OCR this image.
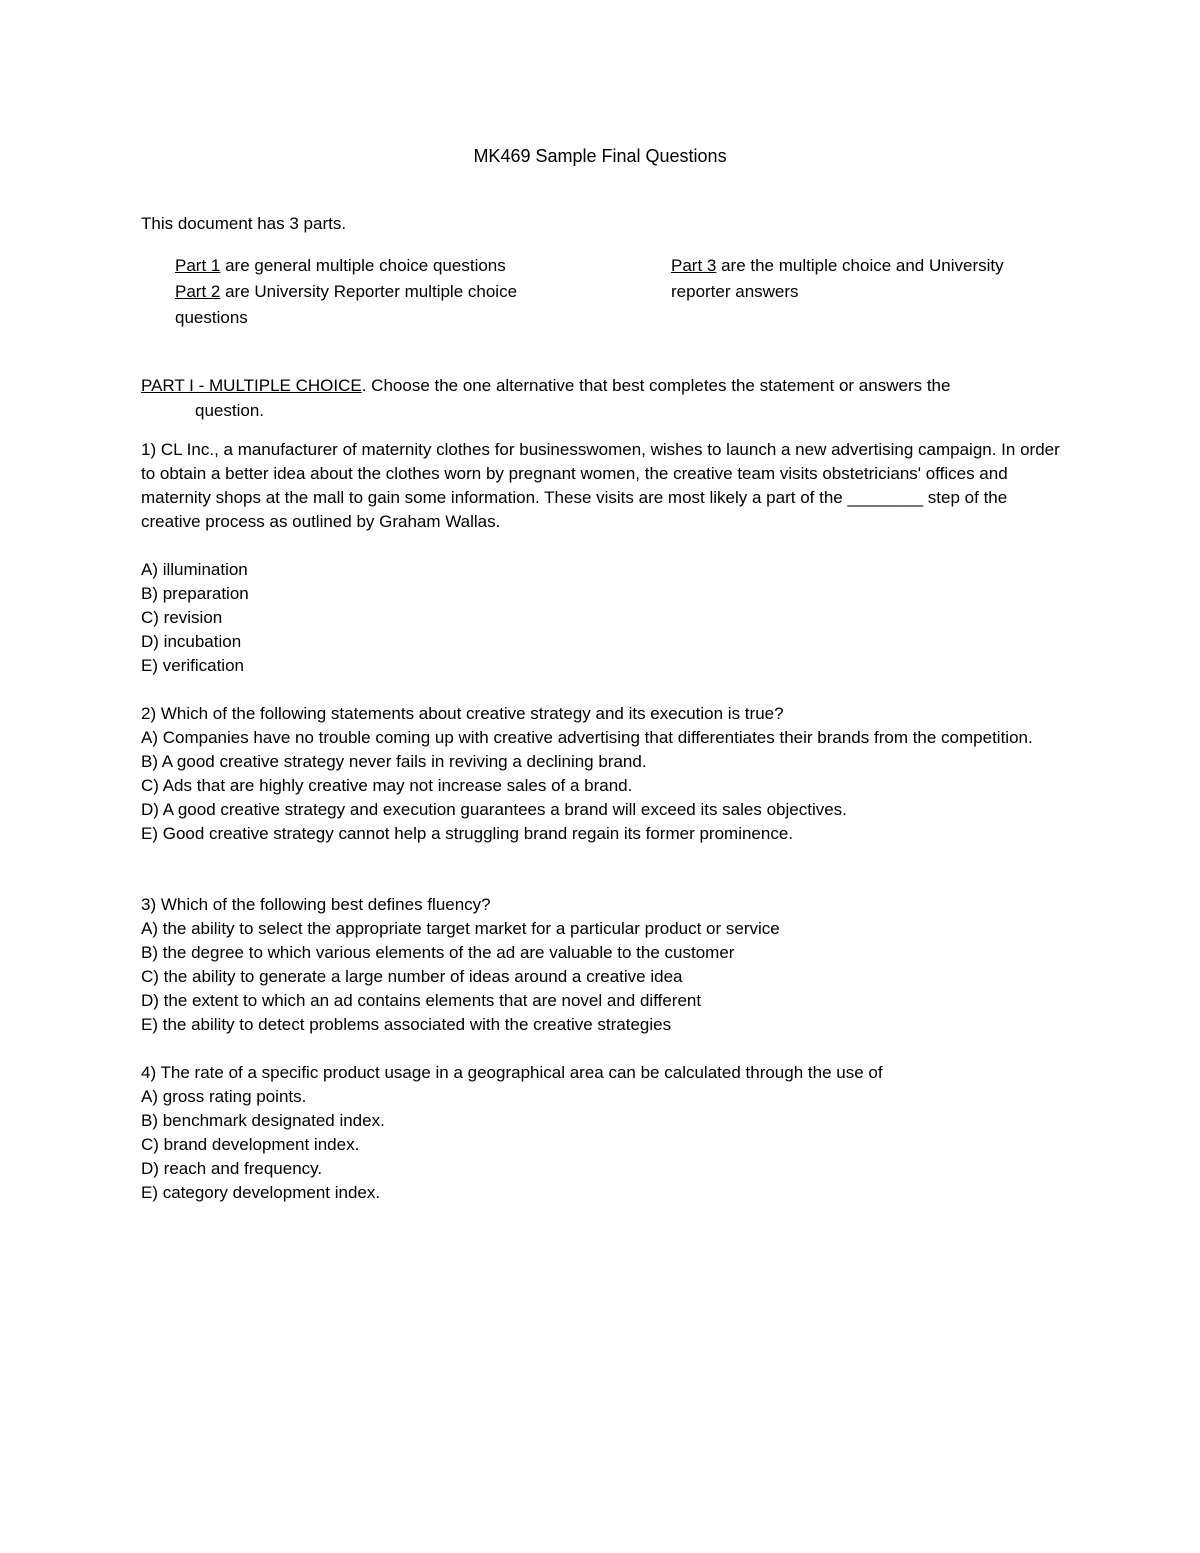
MK469 Sample Final Questions
This document has 3 parts.
Part 1 are general multiple choice questions
Part 2 are University Reporter multiple choice questions
Part 3 are the multiple choice and University reporter answers
PART I - MULTIPLE CHOICE. Choose the one alternative that best completes the statement or answers the
question.

1) CL Inc., a manufacturer of maternity clothes for businesswomen, wishes to launch a new advertising campaign. In order to obtain a better idea about the clothes worn by pregnant women, the creative team visits obstetricians' offices and maternity shops at the mall to gain some information. These visits are most likely a part of the ________ step of the creative process as outlined by Graham Wallas.

A) illumination
B) preparation
C) revision
D) incubation
E) verification

2) Which of the following statements about creative strategy and its execution is true?

A) Companies have no trouble coming up with creative advertising that differentiates their brands from the competition.
B) A good creative strategy never fails in reviving a declining brand.
C) Ads that are highly creative may not increase sales of a brand.
D) A good creative strategy and execution guarantees a brand will exceed its sales objectives.
E) Good creative strategy cannot help a struggling brand regain its former prominence.

3) Which of the following best defines fluency?

A) the ability to select the appropriate target market for a particular product or service
B) the degree to which various elements of the ad are valuable to the customer
C) the ability to generate a large number of ideas around a creative idea
D) the extent to which an ad contains elements that are novel and different
E) the ability to detect problems associated with the creative strategies

4) The rate of a specific product usage in a geographical area can be calculated through the use of

A) gross rating points.
B) benchmark designated index.
C) brand development index.
D) reach and frequency.
E) category development index.
